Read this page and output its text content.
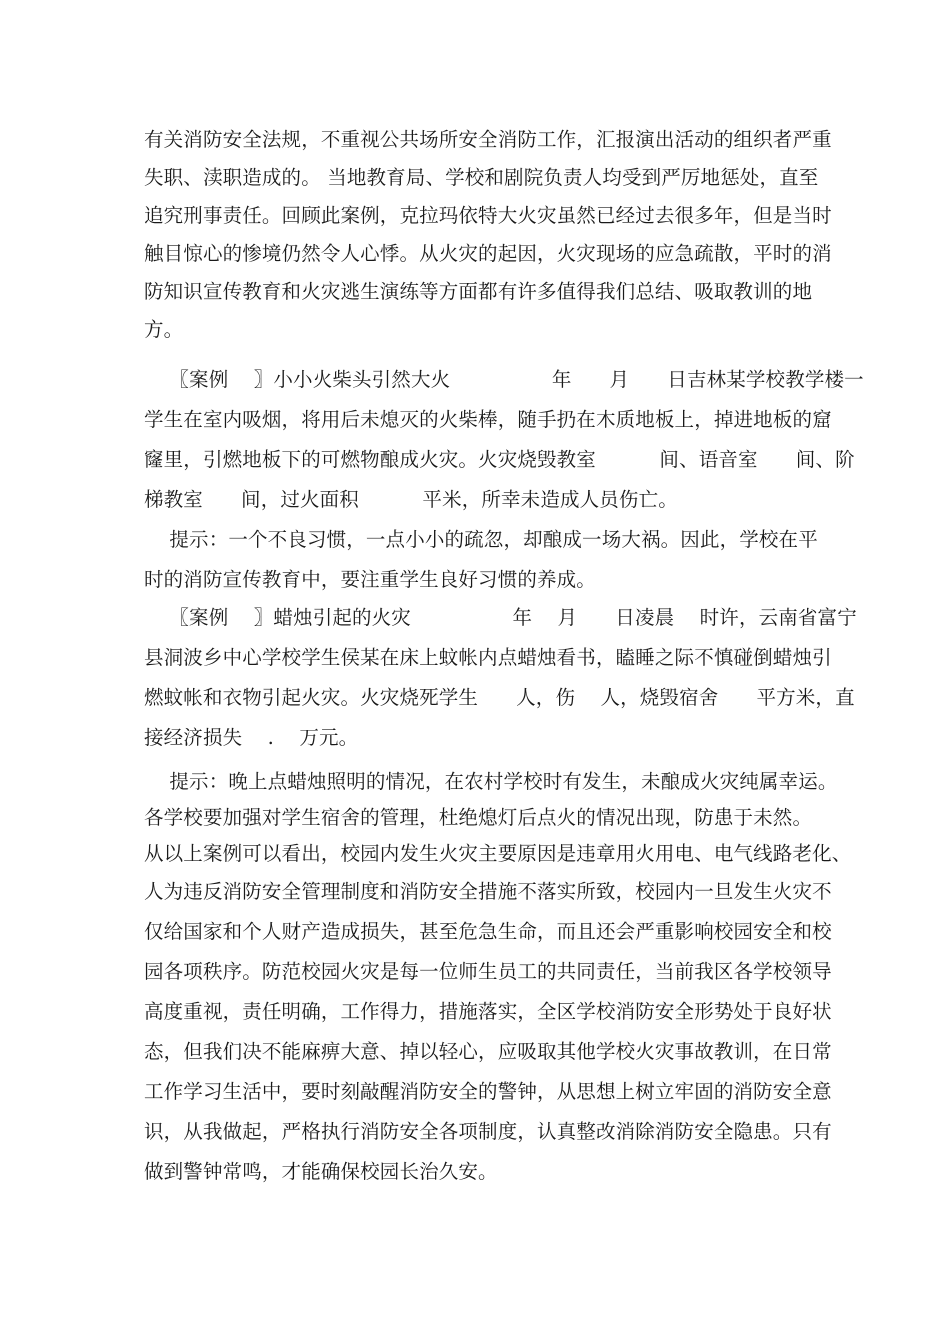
有关消防安全法规，不重视公共场所安全消防工作，汇报演出活动的组织者严重
失职、渎职造成的。 当地教育局、学校和剧院负责人均受到严厉地惩处，直至
追究刑事责任。回顾此案例，克拉玛依特大火灾虽然已经过去很多年，但是当时
触目惊心的惨境仍然令人心悸。从火灾的起因，火灾现场的应急疏散，平时的消
防知识宣传教育和火灾逃生演练等方面都有许多值得我们总结、吸取教训的地
方。
〖案例    〗小小火柴头引然大火                年      月      日吉林某学校教学楼一
学生在室内吸烟，将用后未熄灭的火柴棒，随手扔在木质地板上，掉进地板的窟
窿里，引燃地板下的可燃物酿成火灾。火灾烧毁教室          间、语音室      间、阶
梯教室      间，过火面积          平米，所幸未造成人员伤亡。
提示：一个不良习惯，一点小小的疏忽，却酿成一场大祸。因此，学校在平
时的消防宣传教育中，要注重学生良好习惯的养成。
〖案例    〗蜡烛引起的火灾                年    月      日凌晨    时许，云南省富宁
县洞波乡中心学校学生侯某在床上蚊帐内点蜡烛看书，瞌睡之际不慎碰倒蜡烛引
燃蚊帐和衣物引起火灾。火灾烧死学生      人，伤    人，烧毁宿舍      平方米，直
接经济损失    .    万元。
提示：晚上点蜡烛照明的情况，在农村学校时有发生，未酿成火灾纯属幸运。
各学校要加强对学生宿舍的管理，杜绝熄灯后点火的情况出现，防患于未然。
从以上案例可以看出，校园内发生火灾主要原因是违章用火用电、电气线路老化、
人为违反消防安全管理制度和消防安全措施不落实所致，校园内一旦发生火灾不
仅给国家和个人财产造成损失，甚至危急生命，而且还会严重影响校园安全和校
园各项秩序。防范校园火灾是每一位师生员工的共同责任，当前我区各学校领导
高度重视，责任明确，工作得力，措施落实，全区学校消防安全形势处于良好状
态，但我们决不能麻痹大意、掉以轻心，应吸取其他学校火灾事故教训，在日常
工作学习生活中，要时刻敲醒消防安全的警钟，从思想上树立牢固的消防安全意
识，从我做起，严格执行消防安全各项制度，认真整改消除消防安全隐患。只有
做到警钟常鸣，才能确保校园长治久安。
